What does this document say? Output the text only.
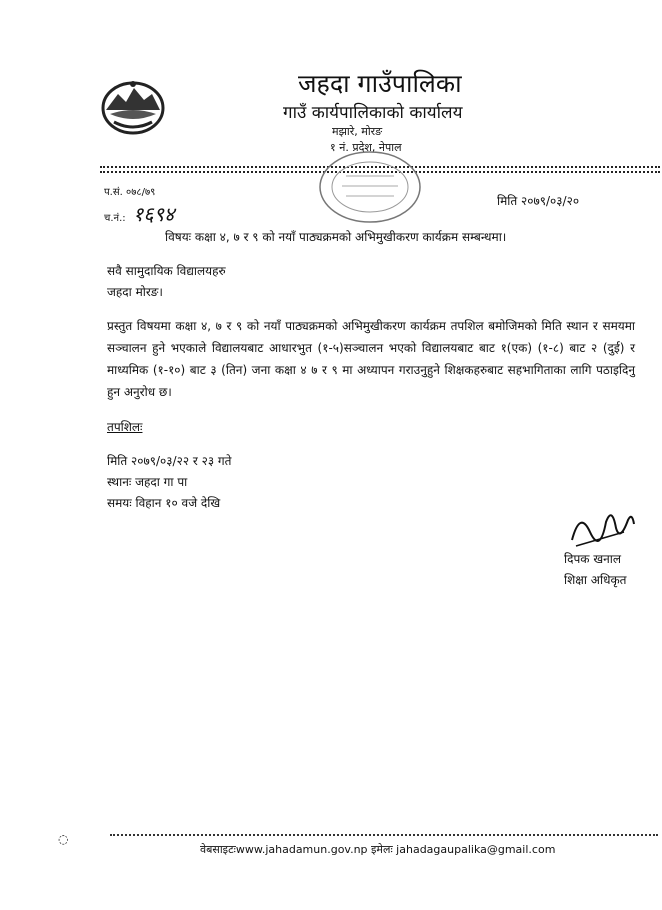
जहदा गाउँपालिका
गाउँ कार्यपालिकाको कार्यालय
मझारे, मोरङ
१ नं. प्रदेश, नेपाल
प.सं. ०७८/७९
च.नं.: १६९४
मिति २०७९/०३/२०
विषयः कक्षा ४, ७ र ९ को नयाँ पाठ्यक्रमको अभिमुखीकरण कार्यक्रम सम्बन्धमा।
सवै सामुदायिक विद्यालयहरु
जहदा मोरङ।
प्रस्तुत विषयमा कक्षा ४, ७ र ९ को नयाँ पाठ्यक्रमको अभिमुखीकरण कार्यक्रम तपशिल बमोजिमको मिति स्थान र समयमा सञ्चालन हुने भएकाले विद्यालयबाट आधारभुत (१-५)सञ्चालन भएको विद्यालयबाट बाट १(एक) (१-८) बाट २ (दुई) र माध्यमिक (१-१०) बाट ३ (तिन) जना कक्षा ४ ७ र ९ मा अध्यापन गराउनुहुने शिक्षकहरुबाट सहभागिताका लागि पठाइदिनु हुन अनुरोध छ।
तपशिलः
मिति २०७९/०३/२२ र २३ गते
स्थानः जहदा गा पा
समयः विहान १० वजे देखि
दिपक खनाल
शिक्षा अधिकृत
◌
वेबसाइटःwww.jahadamun.gov.np इमेलः jahadagaupalika@gmail.com
